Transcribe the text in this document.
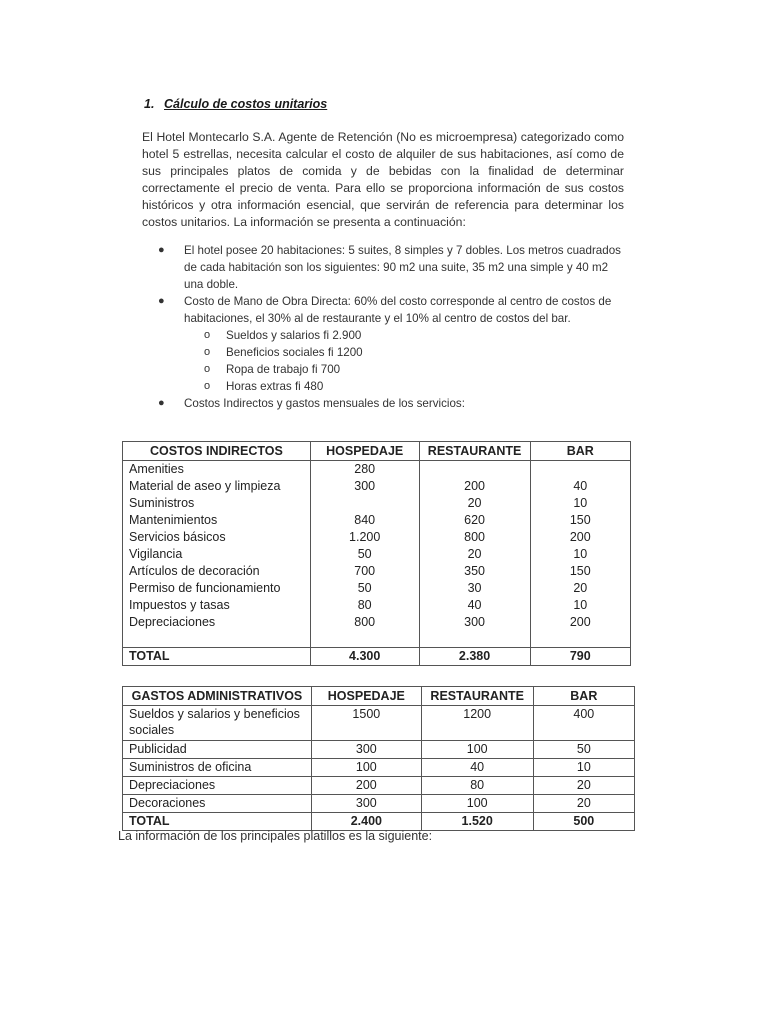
1. Cálculo de costos unitarios
El Hotel Montecarlo S.A. Agente de Retención (No es microempresa) categorizado como hotel 5 estrellas, necesita calcular el costo de alquiler de sus habitaciones, así como de sus principales platos de comida y de bebidas con la finalidad de determinar correctamente el precio de venta. Para ello se proporciona información de sus costos históricos y otra información esencial, que servirán de referencia para determinar los costos unitarios. La información se presenta a continuación:
● El hotel posee 20 habitaciones: 5 suites, 8 simples y 7 dobles. Los metros cuadrados de cada habitación son los siguientes: 90 m2 una suite, 35 m2 una simple y 40 m2 una doble.
● Costo de Mano de Obra Directa: 60% del costo corresponde al centro de costos de habitaciones, el 30% al de restaurante y el 10% al centro de costos del bar.
o Sueldos y salarios fi 2.900
o Beneficios sociales fi 1200
o Ropa de trabajo fi 700
o Horas extras fi 480
● Costos Indirectos y gastos mensuales de los servicios:
COSTOS INDIRECTOS	HOSPEDAJE	RESTAURANTE	BAR
Amenities	280		
Material de aseo y limpieza	300	200	40
Suministros		20	10
Mantenimientos	840	620	150
Servicios básicos	1.200	800	200
Vigilancia	50	20	10
Artículos de decoración	700	350	150
Permiso de funcionamiento	50	30	20
Impuestos y tasas	80	40	10
Depreciaciones	800	300	200
TOTAL	4.300	2.380	790
GASTOS ADMINISTRATIVOS	HOSPEDAJE	RESTAURANTE	BAR
Sueldos y salarios y beneficios sociales	1500	1200	400
Publicidad	300	100	50
Suministros de oficina	100	40	10
Depreciaciones	200	80	20
Decoraciones	300	100	20
TOTAL	2.400	1.520	500
La información de los principales platillos es la siguiente:
